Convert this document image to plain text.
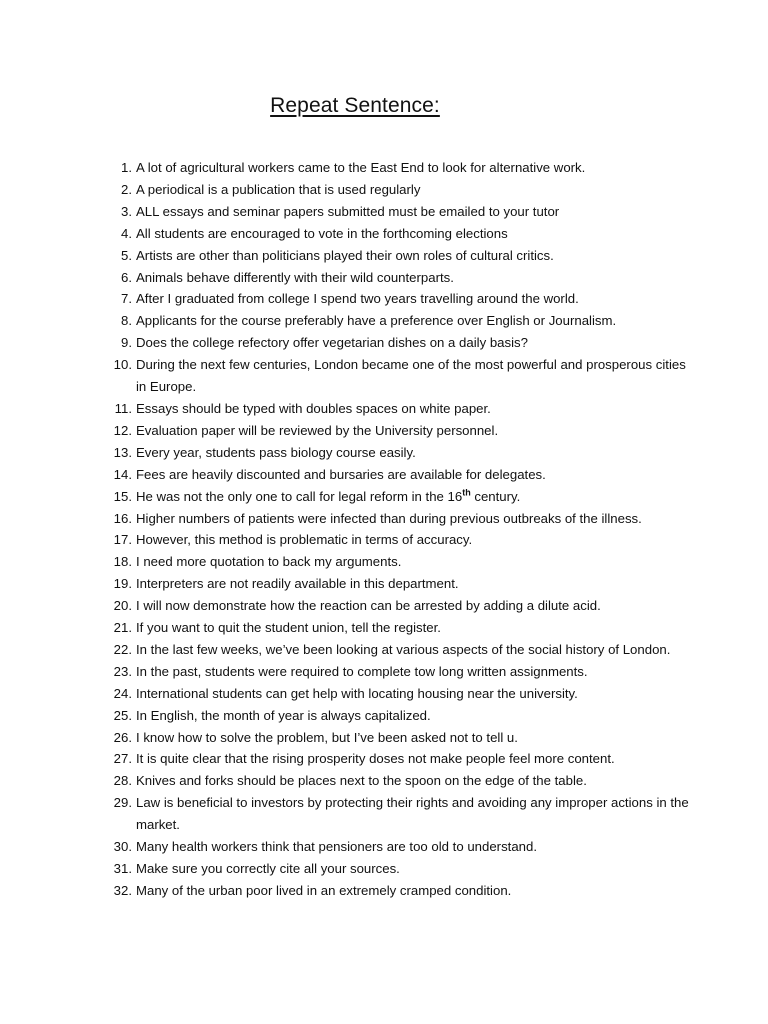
Repeat Sentence:
1. A lot of agricultural workers came to the East End to look for alternative work.
2. A periodical is a publication that is used regularly
3. ALL essays and seminar papers submitted must be emailed to your tutor
4. All students are encouraged to vote in the forthcoming elections
5. Artists are other than politicians played their own roles of cultural critics.
6. Animals behave differently with their wild counterparts.
7. After I graduated from college I spend two years travelling around the world.
8. Applicants for the course preferably have a preference over English or Journalism.
9. Does the college refectory offer vegetarian dishes on a daily basis?
10. During the next few centuries, London became one of the most powerful and prosperous cities in Europe.
11. Essays should be typed with doubles spaces on white paper.
12. Evaluation paper will be reviewed by the University personnel.
13. Every year, students pass biology course easily.
14. Fees are heavily discounted and bursaries are available for delegates.
15. He was not the only one to call for legal reform in the 16th century.
16. Higher numbers of patients were infected than during previous outbreaks of the illness.
17. However, this method is problematic in terms of accuracy.
18. I need more quotation to back my arguments.
19. Interpreters are not readily available in this department.
20. I will now demonstrate how the reaction can be arrested by adding a dilute acid.
21. If you want to quit the student union, tell the register.
22. In the last few weeks, we’ve been looking at various aspects of the social history of London.
23. In the past, students were required to complete tow long written assignments.
24. International students can get help with locating housing near the university.
25. In English, the month of year is always capitalized.
26. I know how to solve the problem, but I’ve been asked not to tell u.
27. It is quite clear that the rising prosperity doses not make people feel more content.
28. Knives and forks should be places next to the spoon on the edge of the table.
29. Law is beneficial to investors by protecting their rights and avoiding any improper actions in the market.
30. Many health workers think that pensioners are too old to understand.
31. Make sure you correctly cite all your sources.
32. Many of the urban poor lived in an extremely cramped condition.
